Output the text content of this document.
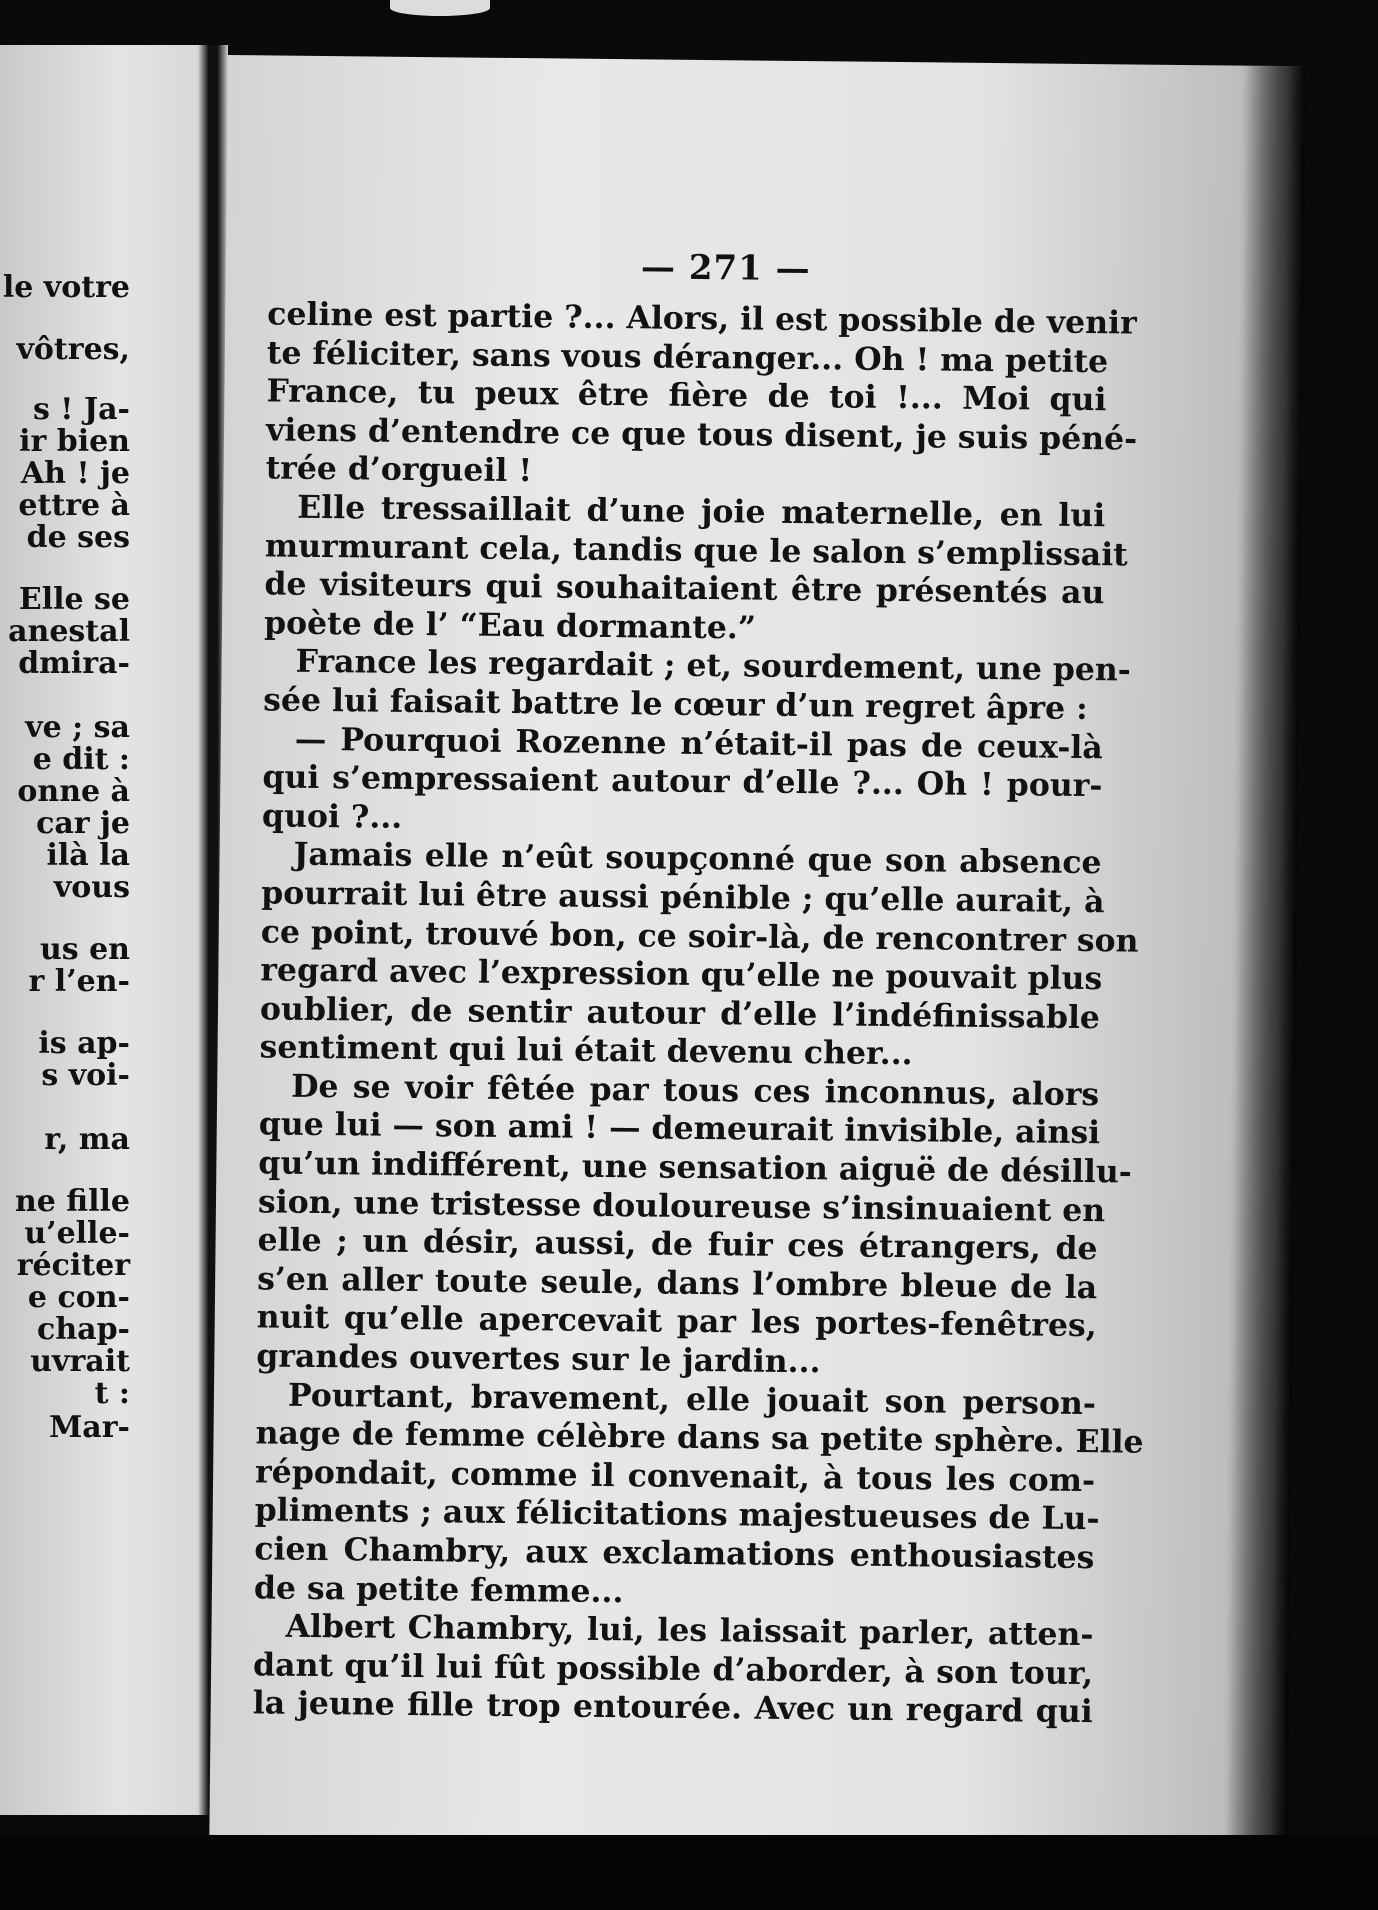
le votre
vôtres,
s ! Ja-
ir bien
Ah ! je
ettre à
de ses
Elle se
anestal
dmira-
ve ; sa
e dit :
onne à
car je
ilà la
vous
us en
r l’en-
is ap-
s voi-
r, ma
ne fille
u’elle-
réciter
e con-
chap-
uvrait
t :
Mar-
— 271 —
celine est partie ?... Alors, il est possible de venir
te féliciter, sans vous déranger... Oh ! ma petite
France, tu peux être fière de toi !... Moi qui
viens d’entendre ce que tous disent, je suis péné-
trée d’orgueil !
Elle tressaillait d’une joie maternelle, en lui
murmurant cela, tandis que le salon s’emplissait
de visiteurs qui souhaitaient être présentés au
poète de l’ “Eau dormante.”
France les regardait ; et, sourdement, une pen-
sée lui faisait battre le cœur d’un regret âpre :
— Pourquoi Rozenne n’était-il pas de ceux-là
qui s’empressaient autour d’elle ?... Oh ! pour-
quoi ?...
Jamais elle n’eût soupçonné que son absence
pourrait lui être aussi pénible ; qu’elle aurait, à
ce point, trouvé bon, ce soir-là, de rencontrer son
regard avec l’expression qu’elle ne pouvait plus
oublier, de sentir autour d’elle l’indéfinissable
sentiment qui lui était devenu cher...
De se voir fêtée par tous ces inconnus, alors
que lui — son ami ! — demeurait invisible, ainsi
qu’un indifférent, une sensation aiguë de désillu-
sion, une tristesse douloureuse s’insinuaient en
elle ; un désir, aussi, de fuir ces étrangers, de
s’en aller toute seule, dans l’ombre bleue de la
nuit qu’elle apercevait par les portes-fenêtres,
grandes ouvertes sur le jardin...
Pourtant, bravement, elle jouait son person-
nage de femme célèbre dans sa petite sphère. Elle
répondait, comme il convenait, à tous les com-
pliments ; aux félicitations majestueuses de Lu-
cien Chambry, aux exclamations enthousiastes
de sa petite femme...
Albert Chambry, lui, les laissait parler, atten-
dant qu’il lui fût possible d’aborder, à son tour,
la jeune fille trop entourée. Avec un regard qui
